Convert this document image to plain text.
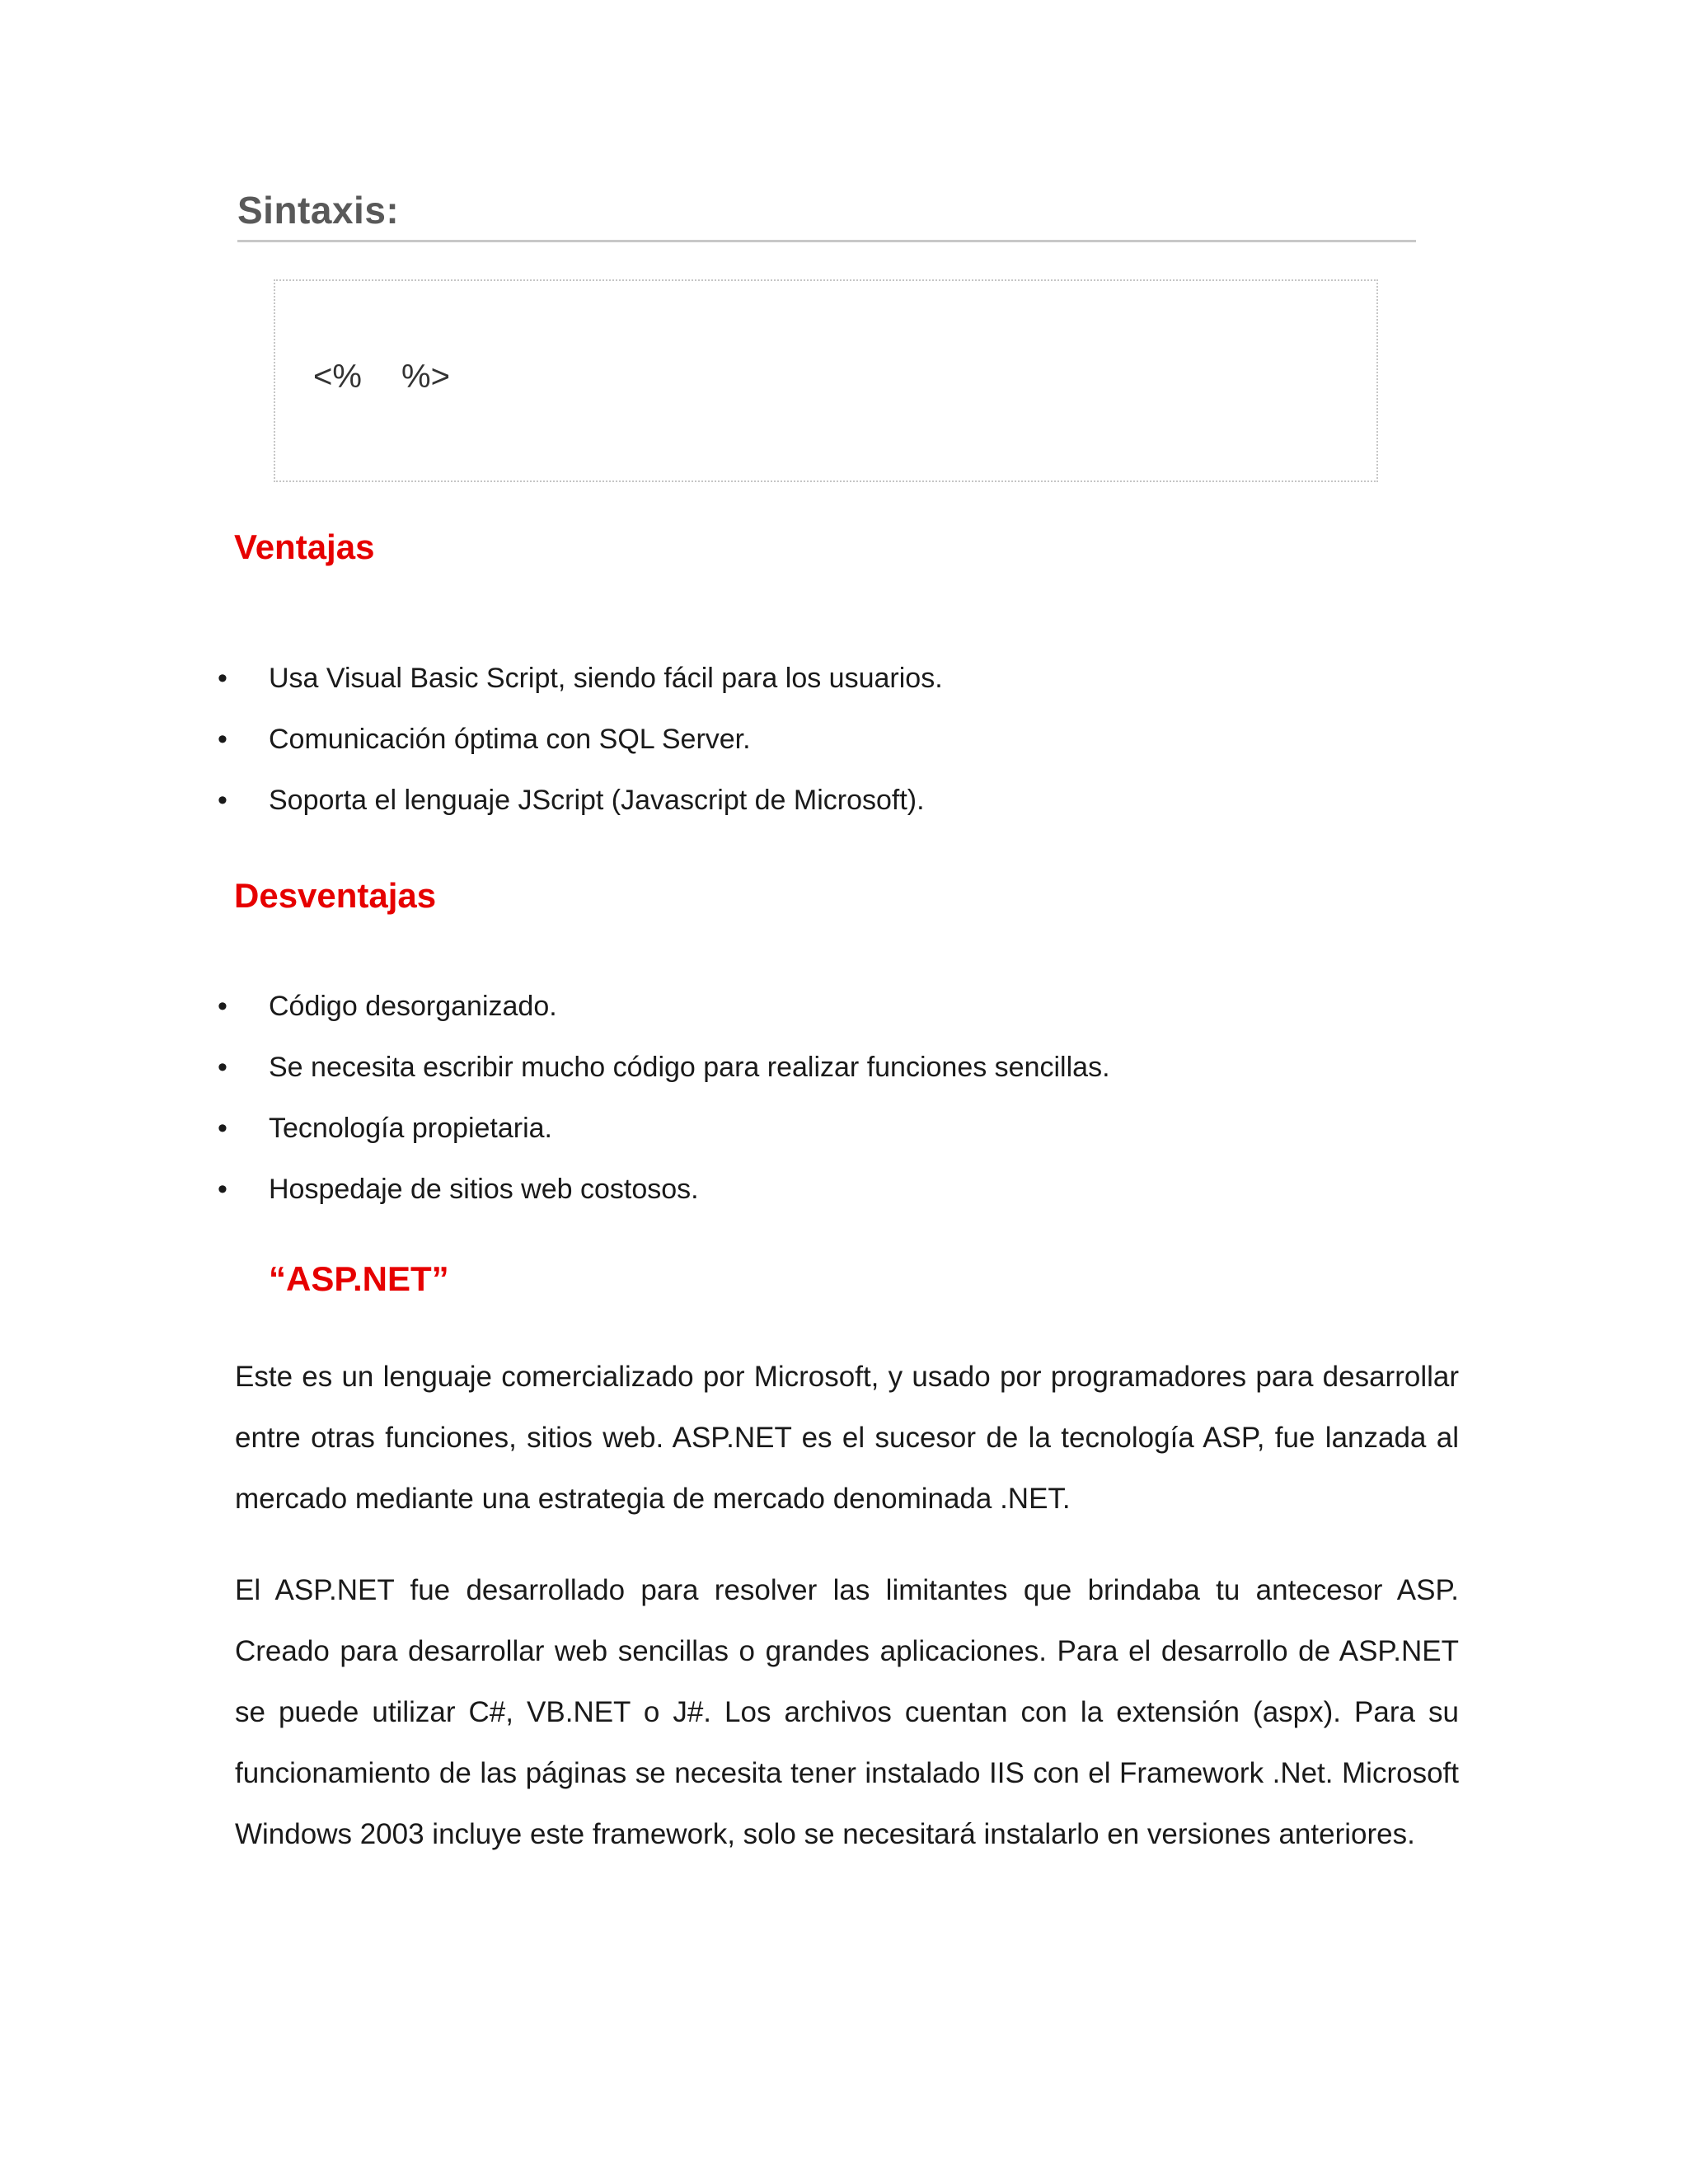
Sintaxis:
<% %>
Ventajas
• Usa Visual Basic Script, siendo fácil para los usuarios.
• Comunicación óptima con SQL Server.
• Soporta el lenguaje JScript (Javascript de Microsoft).
Desventajas
• Código desorganizado.
• Se necesita escribir mucho código para realizar funciones sencillas.
• Tecnología propietaria.
• Hospedaje de sitios web costosos.
“ASP.NET”

Este es un lenguaje comercializado por Microsoft, y usado por programadores para desarrollar entre otras funciones, sitios web. ASP.NET es el sucesor de la tecnología ASP, fue lanzada al mercado mediante una estrategia de mercado denominada .NET.

El ASP.NET fue desarrollado para resolver las limitantes que brindaba tu antecesor ASP. Creado para desarrollar web sencillas o grandes aplicaciones. Para el desarrollo de ASP.NET se puede utilizar C#, VB.NET o J#. Los archivos cuentan con la extensión (aspx). Para su funcionamiento de las páginas se necesita tener instalado IIS con el Framework .Net. Microsoft Windows 2003 incluye este framework, solo se necesitará instalarlo en versiones anteriores.
